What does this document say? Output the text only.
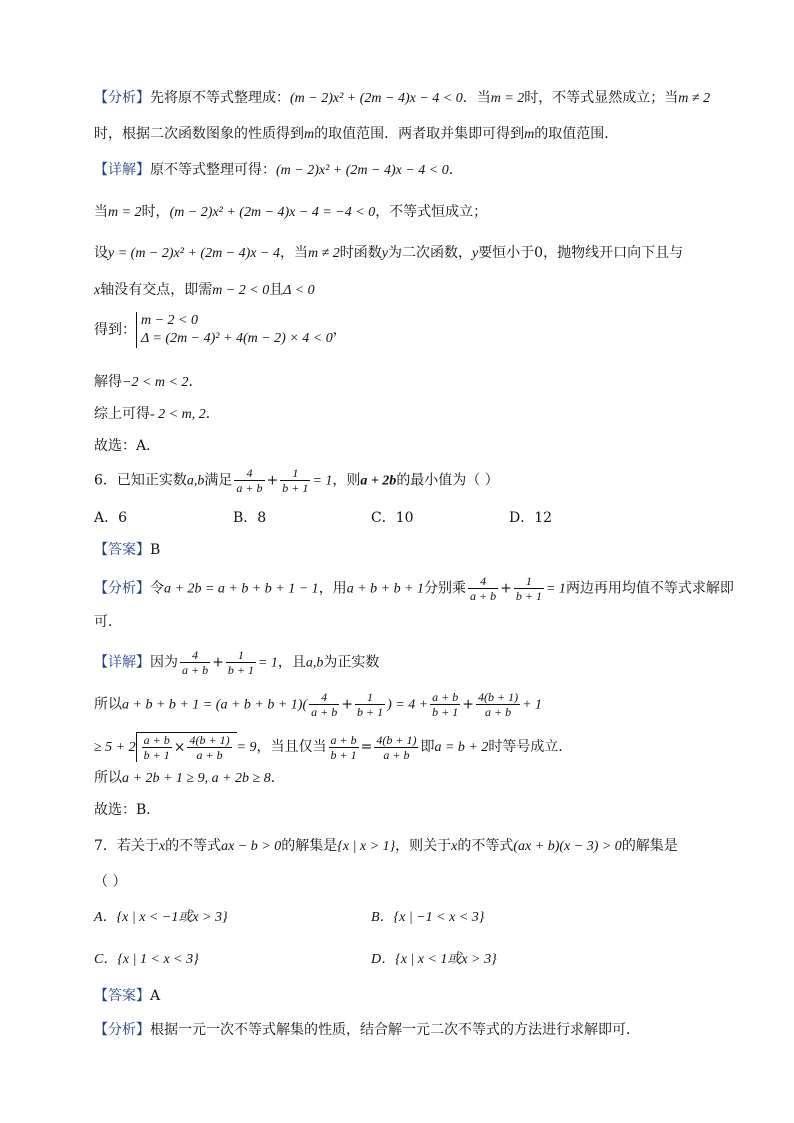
【分析】先将原不等式整理成：(m − 2)x² + (2m − 4)x − 4 < 0．当m = 2时，不等式显然成立；当m ≠ 2
时，根据二次函数图象的性质得到m的取值范围．两者取并集即可得到m的取值范围．
【详解】原不等式整理可得：(m − 2)x² + (2m − 4)x − 4 < 0．
当m = 2时，(m − 2)x² + (2m − 4)x − 4 = −4 < 0，不等式恒成立；
设y = (m − 2)x² + (2m − 4)x − 4，当m ≠ 2时函数y为二次函数，y要恒小于0，抛物线开口向下且与
x轴没有交点，即需m − 2 < 0且Δ < 0
得到：
m − 2 < 0
Δ = (2m − 4)² + 4(m − 2) × 4 < 0
，
解得−2 < m < 2．
综上可得- 2 < m, 2．
故选：A．
6．已知正实数a,b满足 $\frac{4}{a + b} + \frac{1}{b + 1} = 1$，则a + 2b的最小值为（ ）
A．6	B．8	C．10	D．12
【答案】B
【分析】令a + 2b = a + b + b + 1 − 1，用a + b + b + 1分别乘 $\frac{4}{a + b} + \frac{1}{b + 1} = 1$两边再用均值不等式求解即
可．
【详解】因为 $\frac{4}{a + b} + \frac{1}{b + 1} = 1$，且a,b为正实数
所以$a + b + b + 1 = (a + b + b + 1)( \frac{4}{a + b} + \frac{1}{b + 1}$ ) = $4 + \frac{a + b}{b + 1} + \frac{4(b + 1)}{a + b} + 1$
≥ $5 + 2 \frac{a + b}{b + 1} \times \frac{4(b + 1)}{a + b} = 9$，当且仅当 $\frac{a + b}{b + 1} = \frac{4(b + 1)}{a + b}$ 即a = b + 2时等号成立．
所以a + 2b + 1 ≥ 9, a + 2b ≥ 8．
故选：B．
7．若关于x的不等式ax − b > 0的解集是{x | x > 1}，则关于x的不等式(ax + b)(x − 3) > 0的解集是
（ ）
A．{x | x < −1或x > 3}	B．{x | −1 < x < 3}
C．{x | 1 < x < 3}	D．{x | x < 1或x > 3}
【答案】A
【分析】根据一元一次不等式解集的性质，结合解一元二次不等式的方法进行求解即可．
